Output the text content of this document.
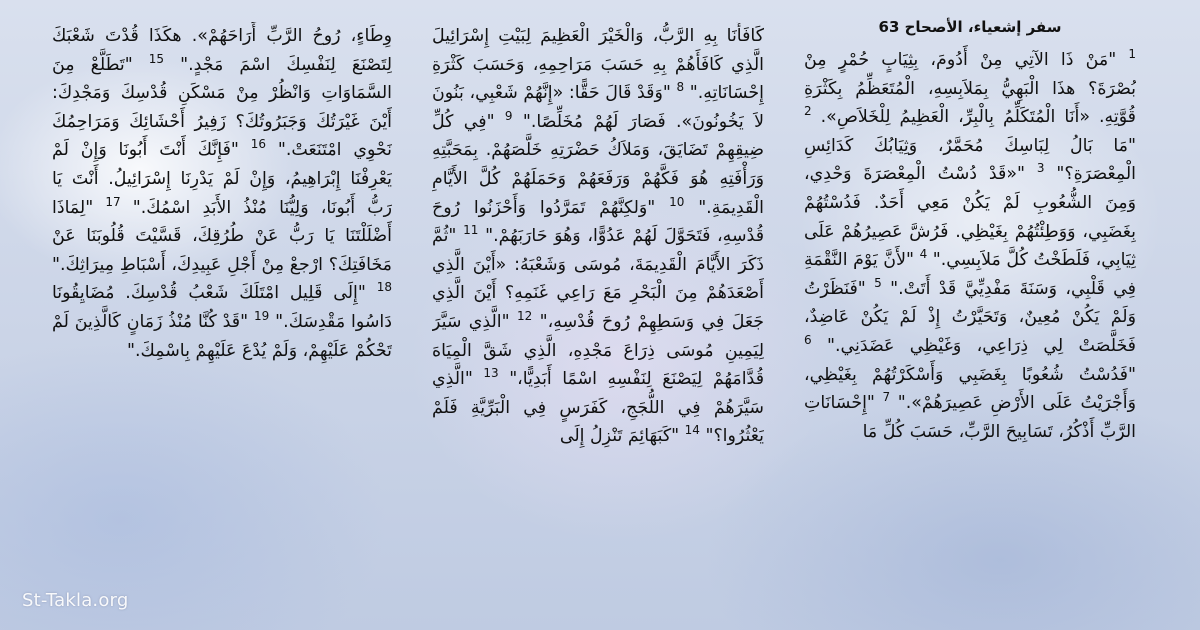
سفر إشعياء، الأصحاح 63
$^1$ "مَنْ ذَا الآتِي مِنْ أَدُومَ، بِثِيَابٍ حُمْرٍ مِنْ بُصْرَةَ؟ هذَا الْبَهِيُّ بِمَلاَبِسِهِ، الْمُتَعَظِّمُ بِكَثْرَةِ قُوَّتِهِ. «أَنَا الْمُتَكَلِّمُ بِالْبِرِّ، الْعَظِيمُ لِلْخَلاَصِ». $^2$ "مَا بَالُ لِبَاسِكَ مُحَمَّرٌ، وَثِيَابُكَ كَدَائِسِ الْمِعْصَرَةِ؟" $^3$ "«قَدْ دُسْتُ الْمِعْصَرَةَ وَحْدِي، وَمِنَ الشُّعُوبِ لَمْ يَكُنْ مَعِي أَحَدٌ. فَدُسْتُهُمْ بِغَضَبِي، وَوَطِئْتُهُمْ بِغَيْظِي. فَرُشَّ عَصِيرُهُمْ عَلَى ثِيَابِي، فَلَطَخْتُ كُلَّ مَلاَبِسِي." $^4$ "لأَنَّ يَوْمَ النَّقْمَةِ فِي قَلْبِي، وَسَنَةَ مَفْدِيِّيَّ قَدْ أَتَتْ." $^5$ "فَنَظَرْتُ وَلَمْ يَكُنْ مُعِينٌ، وَتَحَيَّرْتُ إِذْ لَمْ يَكُنْ عَاضِدٌ، فَخَلَّصَتْ لِي ذِرَاعِي، وَغَيْظِي عَضَدَنِي." $^6$ "فَدُسْتُ شُعُوبًا بِغَضَبِي وَأَسْكَرْتُهُمْ بِغَيْظِي، وَأَجْرَيْتُ عَلَى الأَرْضِ عَصِيرَهُمْ»." $^7$ "إِحْسَانَاتِ الرَّبِّ أَذْكُرُ، تَسَابِيحَ الرَّبِّ، حَسَبَ كُلِّ مَا
كَافَأَنَا بِهِ الرَّبُّ، وَالْخَيْرَ الْعَظِيمَ لِبَيْتِ إِسْرَائِيلَ الَّذِي كَافَأَهُمْ بِهِ حَسَبَ مَرَاحِمِهِ، وَحَسَبَ كَثْرَةِ إِحْسَانَاتِهِ." $^8$ "وَقَدْ قَالَ حَقًّا: «إِنَّهُمْ شَعْبِي، بَنُونَ لاَ يَخُونُونَ». فَصَارَ لَهُمْ مُخَلِّصًا." $^9$ "فِي كُلِّ ضِيقِهِمْ تَضَايَقَ، وَمَلاَكُ حَضْرَتِهِ خَلَّصَهُمْ. بِمَحَبَّتِهِ وَرَأْفَتِهِ هُوَ فَكَّهُمْ وَرَفَعَهُمْ وَحَمَلَهُمْ كُلَّ الأَيَّامِ الْقَدِيمَةِ." $^{10}$ "وَلكِنَّهُمْ تَمَرَّدُوا وَأَحْزَنُوا رُوحَ قُدْسِهِ، فَتَحَوَّلَ لَهُمْ عَدُوًّا، وَهُوَ حَارَبَهُمْ." $^{11}$ "ثُمَّ ذَكَرَ الأَيَّامَ الْقَدِيمَةَ، مُوسَى وَشَعْبَهُ: «أَيْنَ الَّذِي أَصْعَدَهُمْ مِنَ الْبَحْرِ مَعَ رَاعِي غَنَمِهِ؟ أَيْنَ الَّذِي جَعَلَ فِي وَسَطِهِمْ رُوحَ قُدْسِهِ،" $^{12}$ "الَّذِي سَيَّرَ لِيَمِينِ مُوسَى ذِرَاعَ مَجْدِهِ، الَّذِي شَقَّ الْمِيَاهَ قُدَّامَهُمْ لِيَصْنَعَ لِنَفْسِهِ اسْمًا أَبَدِيًّا،" $^{13}$ "الَّذِي سَيَّرَهُمْ فِي اللُّجَجِ، كَفَرَسٍ فِي الْبَرِّيَّةِ فَلَمْ يَعْثُرُوا؟" $^{14}$ "كَبَهَائِمَ تَنْزِلُ إِلَى
وِطَاءٍ، رُوحُ الرَّبِّ أَرَاحَهُمْ». هكَذَا قُدْتَ شَعْبَكَ لِتَصْنَعَ لِنَفْسِكَ اسْمَ مَجْدٍ." $^{15}$ "تَطَلَّعْ مِنَ السَّمَاوَاتِ وَانْظُرْ مِنْ مَسْكَنِ قُدْسِكَ وَمَجْدِكَ: أَيْنَ غَيْرَتُكَ وَجَبَرُوتُكَ؟ زَفِيرُ أَحْشَائِكَ وَمَرَاحِمُكَ نَحْوِي امْتَنَعَتْ." $^{16}$ "فَإِنَّكَ أَنْتَ أَبُونَا وَإِنْ لَمْ يَعْرِفْنَا إِبْرَاهِيمُ، وَإِنْ لَمْ يَدْرِنَا إِسْرَائِيلُ. أَنْتَ يَا رَبُّ أَبُونَا، وَلِيُّنَا مُنْذُ الأَبَدِ اسْمُكَ." $^{17}$ "لِمَاذَا أَضْلَلْتَنَا يَا رَبُّ عَنْ طُرُقِكَ، قَسَّيْتَ قُلُوبَنَا عَنْ مَخَافَتِكَ؟ ارْجعْ مِنْ أَجْلِ عَبِيدِكَ، أَسْبَاطِ مِيرَاثِكَ." $^{18}$ "إِلَى قَلِيل امْتَلَكَ شَعْبُ قُدْسِكَ. مُضَايِقُونَا دَاسُوا مَقْدِسَكَ." $^{19}$ "قَدْ كُنَّا مُنْذُ زَمَانٍ كَالَّذِينَ لَمْ تَحْكُمْ عَلَيْهِمْ، وَلَمْ يُدْعَ عَلَيْهِمْ بِاسْمِكَ."
St-Takla.org
